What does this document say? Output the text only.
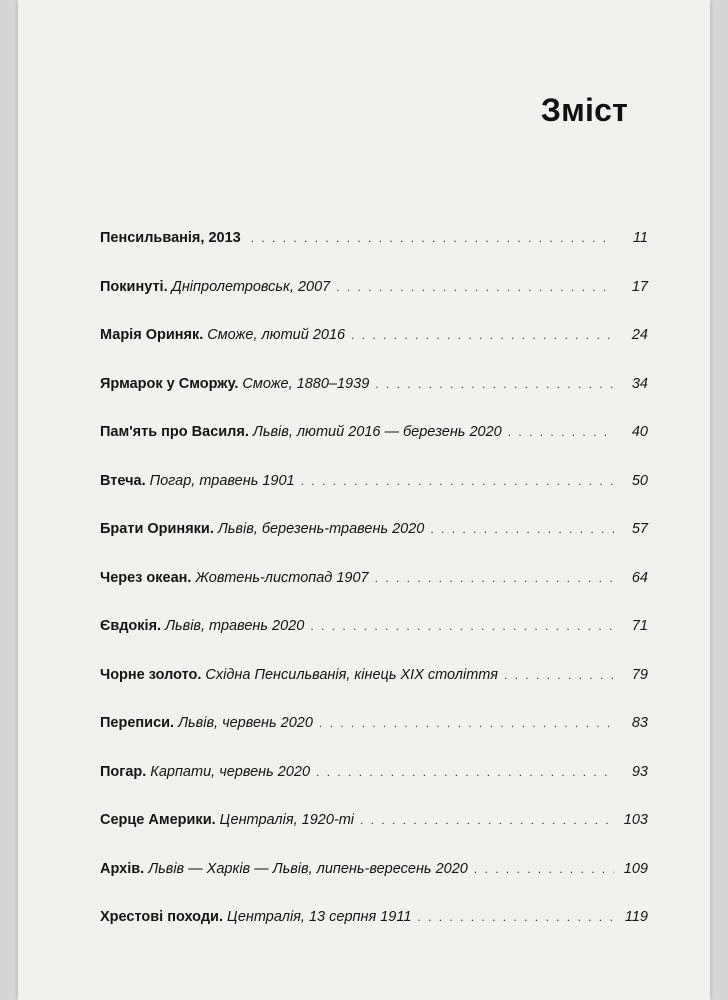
Зміст
Пенсильванія, 2013 . . .	11
Покинуті. Дніпролетровськ, 2007 . . .	17
Марія Ориняк. Сможе, лютий 2016 . . .	24
Ярмарок у Сморжу. Сможе, 1880–1939 . . .	34
Пам'ять про Василя. Львів, лютий 2016 — березень 2020 . . .	40
Втеча. Погар, травень 1901 . . .	50
Брати Ориняки. Львів, березень-травень 2020 . . .	57
Через океан. Жовтень-листопад 1907 . . .	64
Євдокія. Львів, травень 2020 . . .	71
Чорне золото. Східна Пенсильванія, кінець XIX століття . . .	79
Переписи. Львів, червень 2020 . . .	83
Погар. Карпати, червень 2020 . . .	93
Серце Америки. Централія, 1920-ті . . .	103
Архів. Львів — Харків — Львів, липень-вересень 2020 . . .	109
Хрестові походи. Централія, 13 серпня 1911 . . .	119
